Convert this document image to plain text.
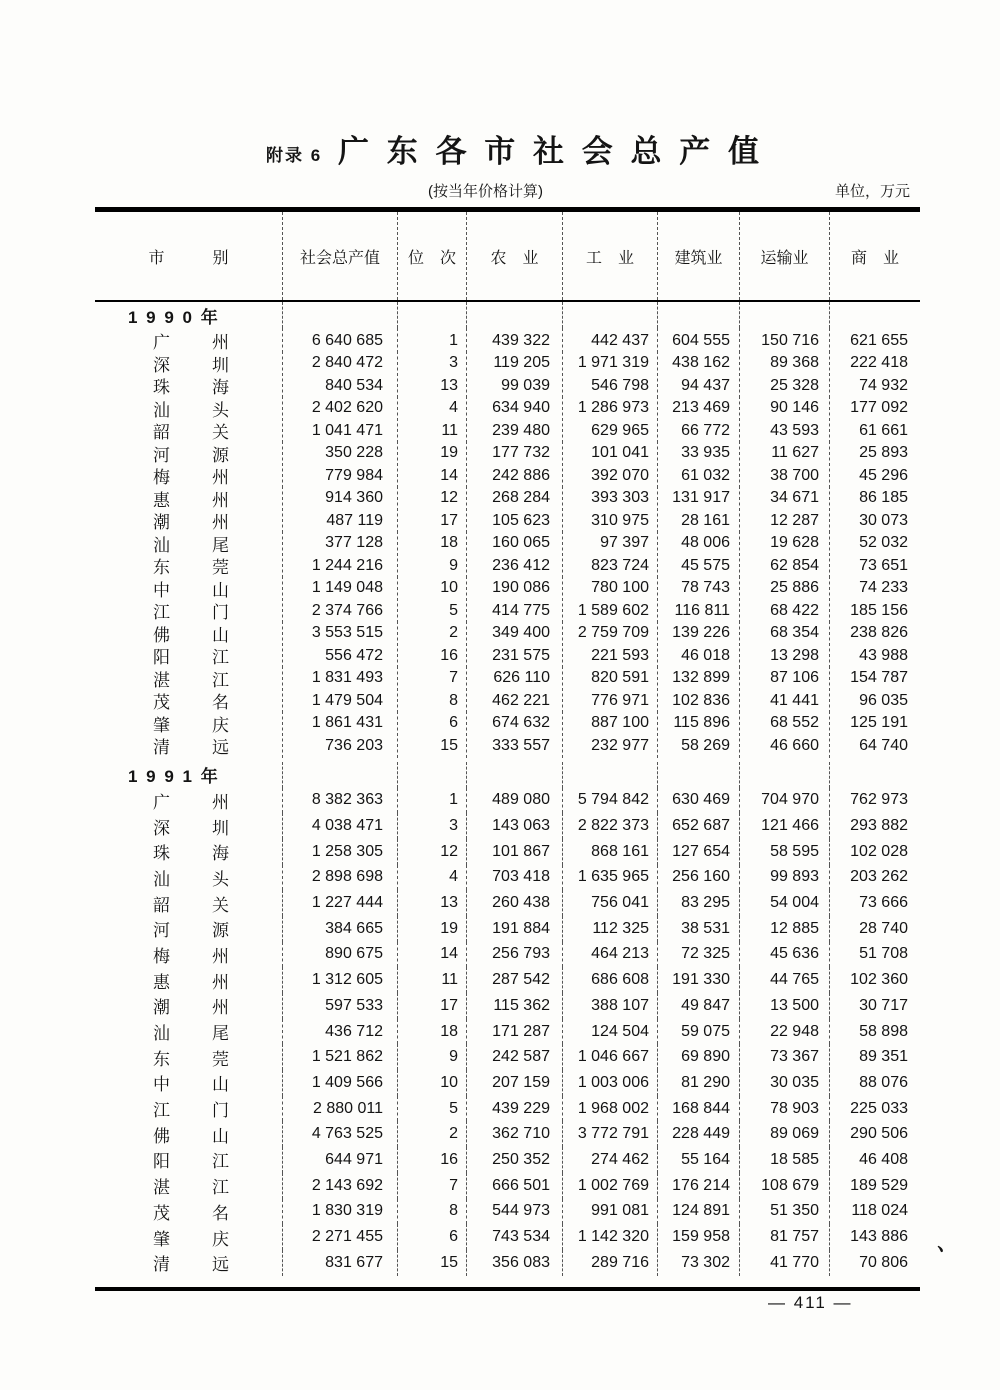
附录 6 广 东 各 市 社 会 总 产 值
(按当年价格计算)	单位，万元
市　　　别	社会总产值	位　次	农　业	工　业	建筑业	运输业	商　业
1 9 9 0 年
广州	6 640 685	1	439 322	442 437	604 555	150 716	621 655
深圳	2 840 472	3	119 205	1 971 319	438 162	89 368	222 418
珠海	840 534	13	99 039	546 798	94 437	25 328	74 932
汕头	2 402 620	4	634 940	1 286 973	213 469	90 146	177 092
韶关	1 041 471	11	239 480	629 965	66 772	43 593	61 661
河源	350 228	19	177 732	101 041	33 935	11 627	25 893
梅州	779 984	14	242 886	392 070	61 032	38 700	45 296
惠州	914 360	12	268 284	393 303	131 917	34 671	86 185
潮州	487 119	17	105 623	310 975	28 161	12 287	30 073
汕尾	377 128	18	160 065	97 397	48 006	19 628	52 032
东莞	1 244 216	9	236 412	823 724	45 575	62 854	73 651
中山	1 149 048	10	190 086	780 100	78 743	25 886	74 233
江门	2 374 766	5	414 775	1 589 602	116 811	68 422	185 156
佛山	3 553 515	2	349 400	2 759 709	139 226	68 354	238 826
阳江	556 472	16	231 575	221 593	46 018	13 298	43 988
湛江	1 831 493	7	626 110	820 591	132 899	87 106	154 787
茂名	1 479 504	8	462 221	776 971	102 836	41 441	96 035
肇庆	1 861 431	6	674 632	887 100	115 896	68 552	125 191
清远	736 203	15	333 557	232 977	58 269	46 660	64 740
1 9 9 1 年
广州	8 382 363	1	489 080	5 794 842	630 469	704 970	762 973
深圳	4 038 471	3	143 063	2 822 373	652 687	121 466	293 882
珠海	1 258 305	12	101 867	868 161	127 654	58 595	102 028
汕头	2 898 698	4	703 418	1 635 965	256 160	99 893	203 262
韶关	1 227 444	13	260 438	756 041	83 295	54 004	73 666
河源	384 665	19	191 884	112 325	38 531	12 885	28 740
梅州	890 675	14	256 793	464 213	72 325	45 636	51 708
惠州	1 312 605	11	287 542	686 608	191 330	44 765	102 360
潮州	597 533	17	115 362	388 107	49 847	13 500	30 717
汕尾	436 712	18	171 287	124 504	59 075	22 948	58 898
东莞	1 521 862	9	242 587	1 046 667	69 890	73 367	89 351
中山	1 409 566	10	207 159	1 003 006	81 290	30 035	88 076
江门	2 880 011	5	439 229	1 968 002	168 844	78 903	225 033
佛山	4 763 525	2	362 710	3 772 791	228 449	89 069	290 506
阳江	644 971	16	250 352	274 462	55 164	18 585	46 408
湛江	2 143 692	7	666 501	1 002 769	176 214	108 679	189 529
茂名	1 830 319	8	544 973	991 081	124 891	51 350	118 024
肇庆	2 271 455	6	743 534	1 142 320	159 958	81 757	143 886
清远	831 677	15	356 083	289 716	73 302	41 770	70 806
— 411 —
、
